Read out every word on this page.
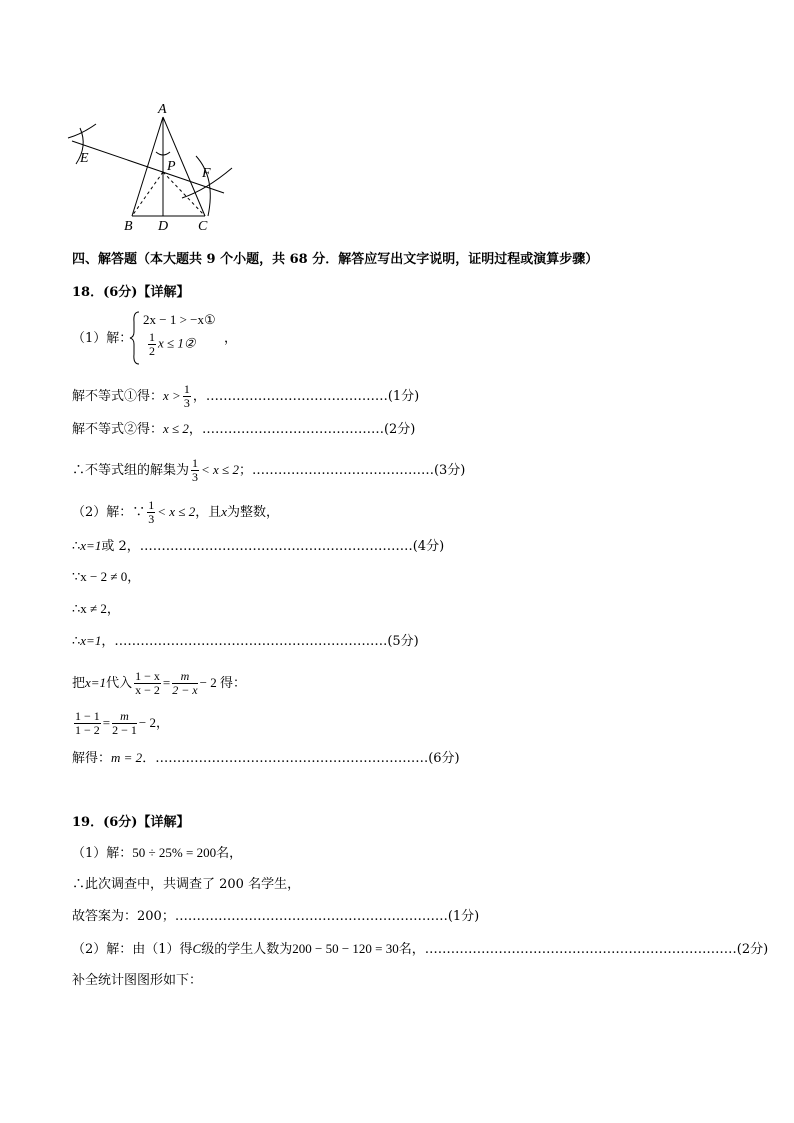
A
E
P F
B D C
四、解答题（本大题共 9 个小题，共 68 分．解答应写出文字说明，证明过程或演算步骤）
18．(6分)【详解】
（1）解：
2x − 1 > −x①
$\frac{1}{2}$ x ≤ 1② ，
解不等式①得：$x > \frac{1}{3}$ ，……………………………………(1分)
解不等式②得：x ≤ 2，……………………………………(2分)
∴不等式组的解集为 $\frac{1}{3} < x \le 2$；……………………………………(3分)
（2）解：∵ $\frac{1}{3} < x \le 2$，且x为整数，
∴x=1或 2，………………………………………………………(4分)
∵x − 2 ≠ 0，
∴x ≠ 2，
∴x=1，………………………………………………………(5分)
把x=1代入 $\frac{1 - x}{x - 2} = \frac{m}{2 - x} - 2$ 得：
$\frac{1 - 1}{1 - 2} = \frac{m}{2 - 1} - 2$，
解得：m = 2．………………………………………………………(6分)
19．(6分)【详解】
（1）解：50 ÷ 25% = 200名，
∴此次调查中，共调查了 200 名学生，
故答案为：200；………………………………………………………(1分)
（2）解：由（1）得C级的学生人数为200 − 50 − 120 = 30名，………………………………………………………………(2分)
补全统计图图形如下：
